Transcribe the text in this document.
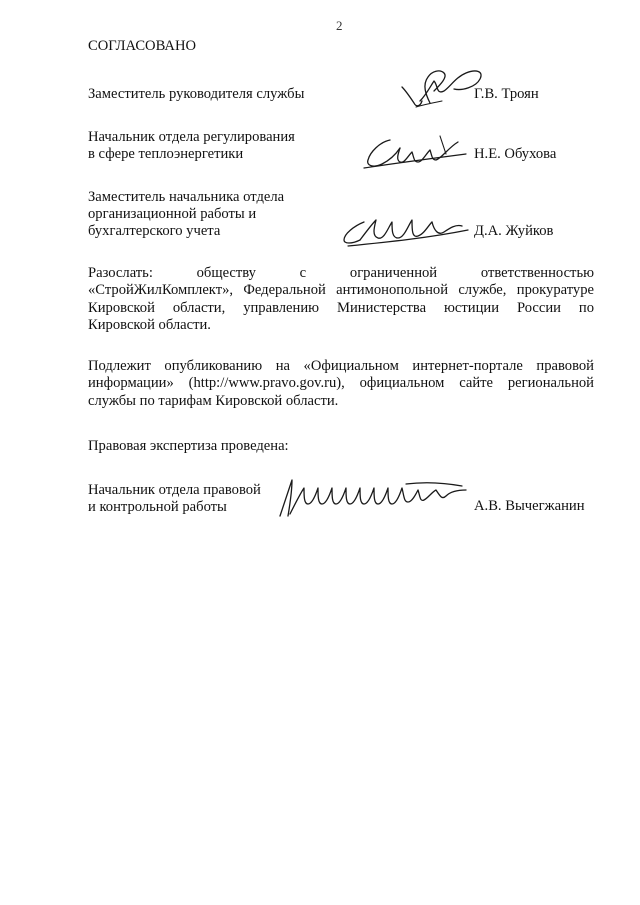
2
СОГЛАСОВАНО
Заместитель руководителя службы	Г.В. Троян
Начальник отдела регулирования
в сфере теплоэнергетики	Н.Е. Обухова
Заместитель начальника отдела
организационной работы и
бухгалтерского учета	Д.А. Жуйков
Разослать: обществу с ограниченной ответственностью
«СтройЖилКомплект», Федеральной антимонопольной службе, прокуратуре
Кировской области, управлению Министерства юстиции России по
Кировской области.
Подлежит опубликованию на «Официальном интернет-портале правовой
информации» (http://www.pravo.gov.ru), официальном сайте региональной
службы по тарифам Кировской области.
Правовая экспертиза проведена:
Начальник отдела правовой
и контрольной работы	А.В. Вычегжанин
